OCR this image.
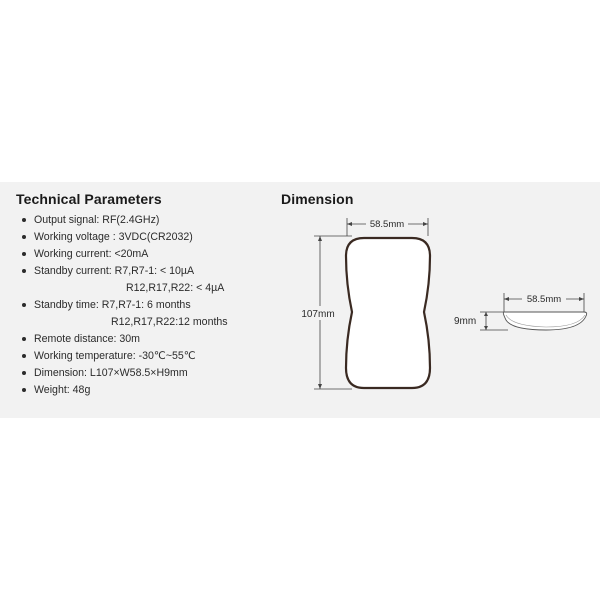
Technical Parameters
Output signal: RF(2.4GHz)
Working voltage : 3VDC(CR2032)
Working current: <20mA
Standby current: R7,R7-1: < 10µA
R12,R17,R22: < 4µA
Standby time: R7,R7-1: 6 months
R12,R17,R22:12 months
Remote distance: 30m
Working temperature: -30℃~55℃
Dimension: L107×W58.5×H9mm
Weight: 48g
Dimension
58.5mm
107mm
58.5mm
9mm
